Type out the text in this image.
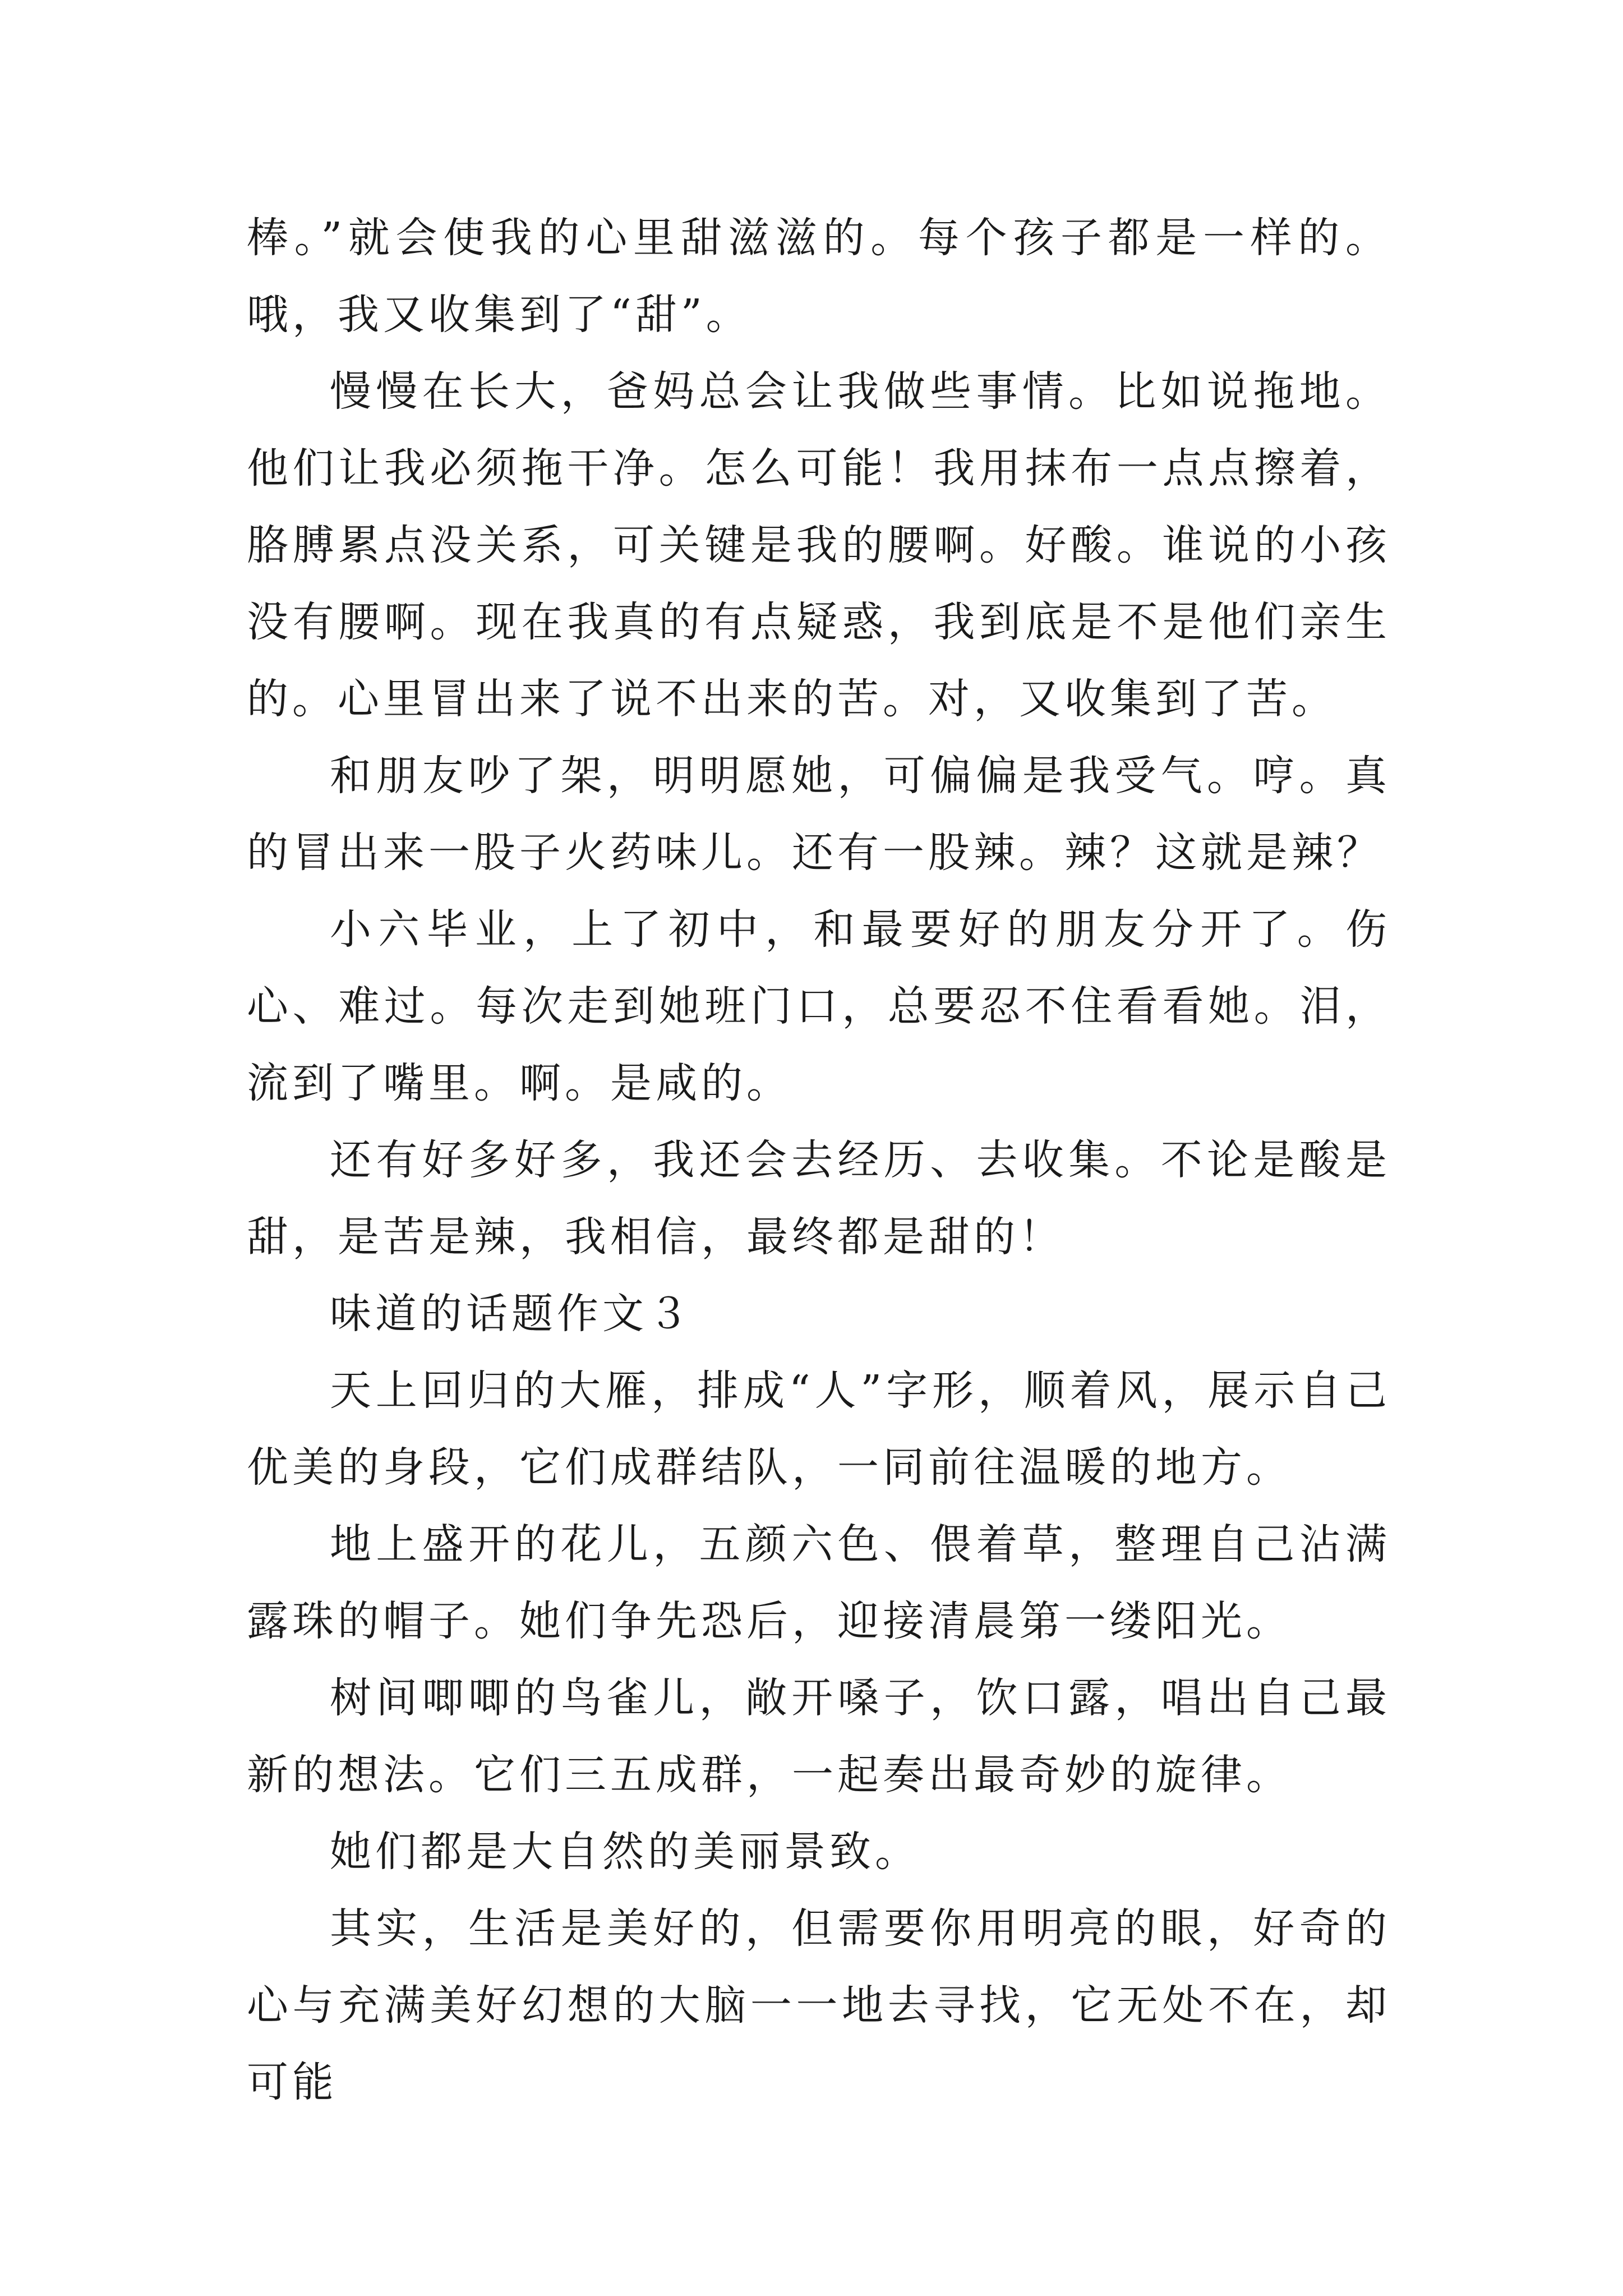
棒。”就会使我的心里甜滋滋的。每个孩子都是一样的。哦，我又收集到了“甜”。

慢慢在长大，爸妈总会让我做些事情。比如说拖地。他们让我必须拖干净。怎么可能！我用抹布一点点擦着，胳膊累点没关系，可关键是我的腰啊。好酸。谁说的小孩没有腰啊。现在我真的有点疑惑，我到底是不是他们亲生的。心里冒出来了说不出来的苦。对，又收集到了苦。

和朋友吵了架，明明愿她，可偏偏是我受气。哼。真的冒出来一股子火药味儿。还有一股辣。辣？这就是辣？

小六毕业，上了初中，和最要好的朋友分开了。伤心、难过。每次走到她班门口，总要忍不住看看她。泪，流到了嘴里。啊。是咸的。

还有好多好多，我还会去经历、去收集。不论是酸是甜，是苦是辣，我相信，最终都是甜的！

味道的话题作文３

天上回归的大雁，排成“人”字形，顺着风，展示自己优美的身段，它们成群结队，一同前往温暖的地方。

地上盛开的花儿，五颜六色、偎着草，整理自己沾满露珠的帽子。她们争先恐后，迎接清晨第一缕阳光。

树间唧唧的鸟雀儿，敞开嗓子，饮口露，唱出自己最新的想法。它们三五成群，一起奏出最奇妙的旋律。

她们都是大自然的美丽景致。

其实，生活是美好的，但需要你用明亮的眼，好奇的心与充满美好幻想的大脑一一地去寻找，它无处不在，却可能
